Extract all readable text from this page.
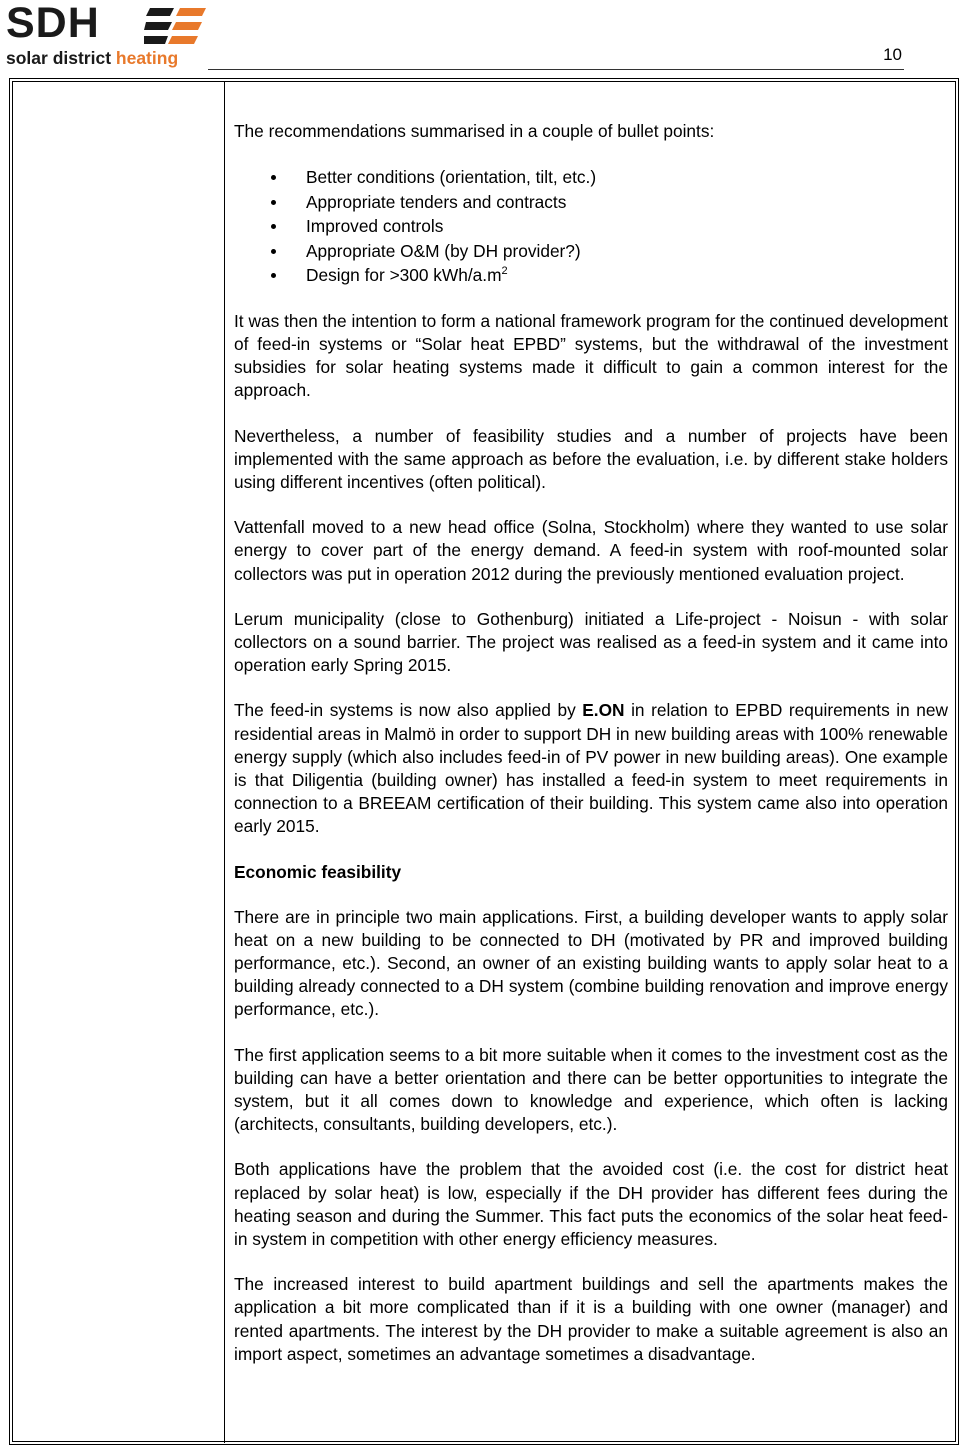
SDH
solar district heating	10

The recommendations summarised in a couple of bullet points:

Better conditions (orientation, tilt, etc.)
Appropriate tenders and contracts
Improved controls
Appropriate O&M (by DH provider?)
Design for >300 kWh/$a.m^2$

It was then the intention to form a national framework program for the continued development of feed-in systems or “Solar heat EPBD” systems, but the withdrawal of the investment subsidies for solar heating systems made it difficult to gain a common interest for the approach.

Nevertheless, a number of feasibility studies and a number of projects have been implemented with the same approach as before the evaluation, i.e. by different stake holders using different incentives (often political).

Vattenfall moved to a new head office (Solna, Stockholm) where they wanted to use solar energy to cover part of the energy demand. A feed-in system with roof-mounted solar collectors was put in operation 2012 during the previously mentioned evaluation project.

Lerum municipality (close to Gothenburg) initiated a Life-project - Noisun - with solar collectors on a sound barrier. The project was realised as a feed-in system and it came into operation early Spring 2015.

The feed-in systems is now also applied by E.ON in relation to EPBD requirements in new residential areas in Malmö in order to support DH in new building areas with 100% renewable energy supply (which also includes feed-in of PV power in new building areas). One example is that Diligentia (building owner) has installed a feed-in system to meet requirements in connection to a BREEAM certification of their building. This system came also into operation early 2015.

Economic feasibility

There are in principle two main applications. First, a building developer wants to apply solar heat on a new building to be connected to DH (motivated by PR and improved building performance, etc.). Second, an owner of an existing building wants to apply solar heat to a building already connected to a DH system (combine building renovation and improve energy performance, etc.).

The first application seems to a bit more suitable when it comes to the investment cost as the building can have a better orientation and there can be better opportunities to integrate the system, but it all comes down to knowledge and experience, which often is lacking (architects, consultants, building developers, etc.).

Both applications have the problem that the avoided cost (i.e. the cost for district heat replaced by solar heat) is low, especially if the DH provider has different fees during the heating season and during the Summer. This fact puts the economics of the solar heat feed-in system in competition with other energy efficiency measures.

The increased interest to build apartment buildings and sell the apartments makes the application a bit more complicated than if it is a building with one owner (manager) and rented apartments. The interest by the DH provider to make a suitable agreement is also an import aspect, sometimes an advantage sometimes a disadvantage.
